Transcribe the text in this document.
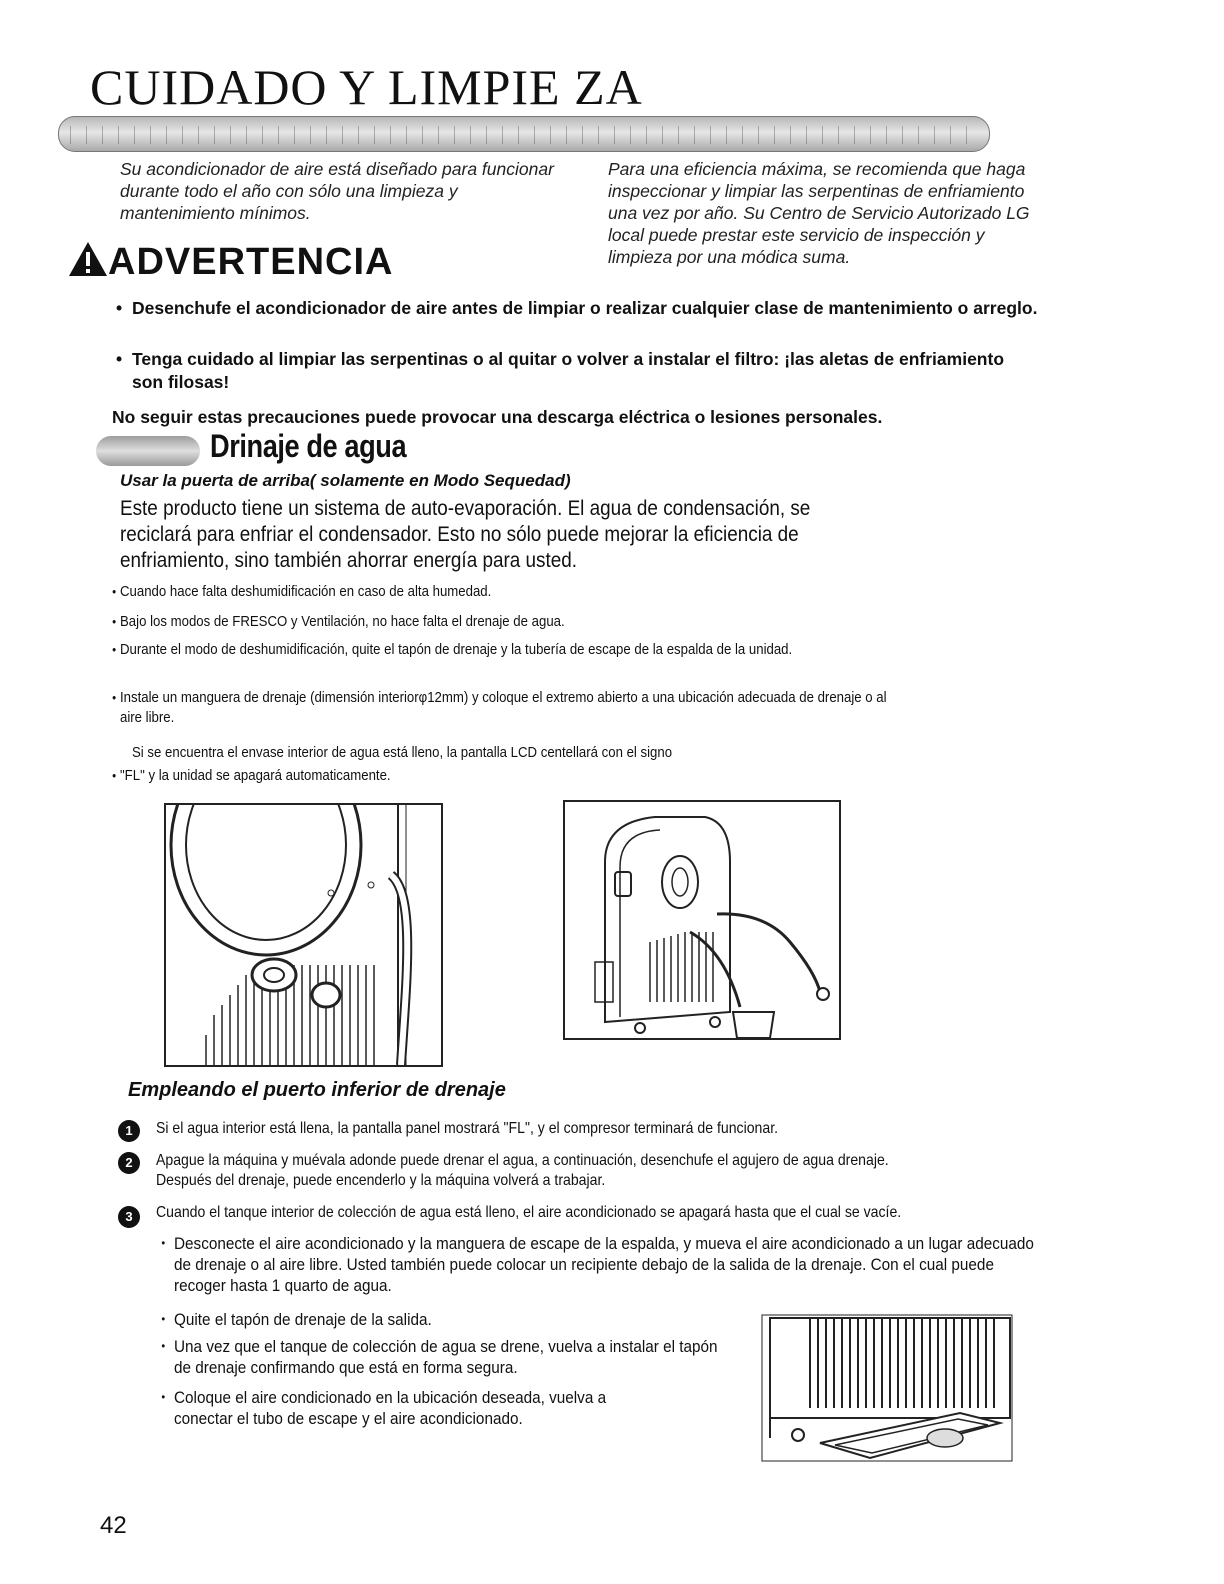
CUIDADO Y LIMPIE ZA
Su acondicionador de aire está diseñado para funcionar durante todo el año con sólo una limpieza y mantenimiento mínimos.
Para una eficiencia máxima, se recomienda que haga inspeccionar y limpiar las serpentinas de enfriamiento una vez por año. Su Centro de Servicio Autorizado LG local puede prestar este servicio de inspección y limpieza por una módica suma.
ADVERTENCIA
• Desenchufe el acondicionador de aire antes de limpiar o realizar cualquier clase de mantenimiento o arreglo.
• Tenga cuidado al limpiar las serpentinas o al quitar o volver a instalar el filtro: ¡las aletas de enfriamiento son filosas!
No seguir estas precauciones puede provocar una descarga eléctrica o lesiones personales.
Drinaje de agua
Usar la puerta de arriba( solamente en Modo Sequedad)
Este producto tiene un sistema de auto-evaporación. El agua de condensación, se reciclará para enfriar el condensador. Esto no sólo puede mejorar la eficiencia de enfriamiento, sino también ahorrar energía para usted.
• Cuando hace falta deshumidificación en caso de alta humedad.
• Bajo los modos de FRESCO y Ventilación, no hace falta el drenaje de agua.
• Durante el modo de deshumidificación, quite el tapón de drenaje y la tubería de escape de la espalda de la unidad.
• Instale un manguera de drenaje (dimensión interiorφ12mm) y coloque el extremo abierto a una ubicación adecuada de drenaje o al aire libre.
Si se encuentra el envase interior de agua está lleno, la pantalla LCD centellará con el signo
• "FL" y la unidad se apagará automaticamente.
Empleando el puerto inferior de drenaje
1	Si el agua interior está llena, la pantalla panel mostrará "FL", y el compresor terminará de funcionar.
2	Apague la máquina y muévala adonde puede drenar el agua, a continuación, desenchufe el agujero de agua drenaje. Después del drenaje, puede encenderlo y la máquina volverá a trabajar.
3	Cuando el tanque interior de colección de agua está lleno, el aire acondicionado se apagará hasta que el cual se vacíe.
• Desconecte el aire acondicionado y la manguera de escape de la espalda, y mueva el aire acondicionado a un lugar adecuado de drenaje o al aire libre. Usted también puede colocar un recipiente debajo de la salida de la drenaje. Con el cual puede recoger hasta 1 quarto de agua.
• Quite el tapón de drenaje de la salida.
• Una vez que el tanque de colección de agua se drene, vuelva a instalar el tapón de drenaje confirmando que está en forma segura.
• Coloque el aire condicionado en la ubicación deseada, vuelva a conectar el tubo de escape y el aire acondicionado.
42
